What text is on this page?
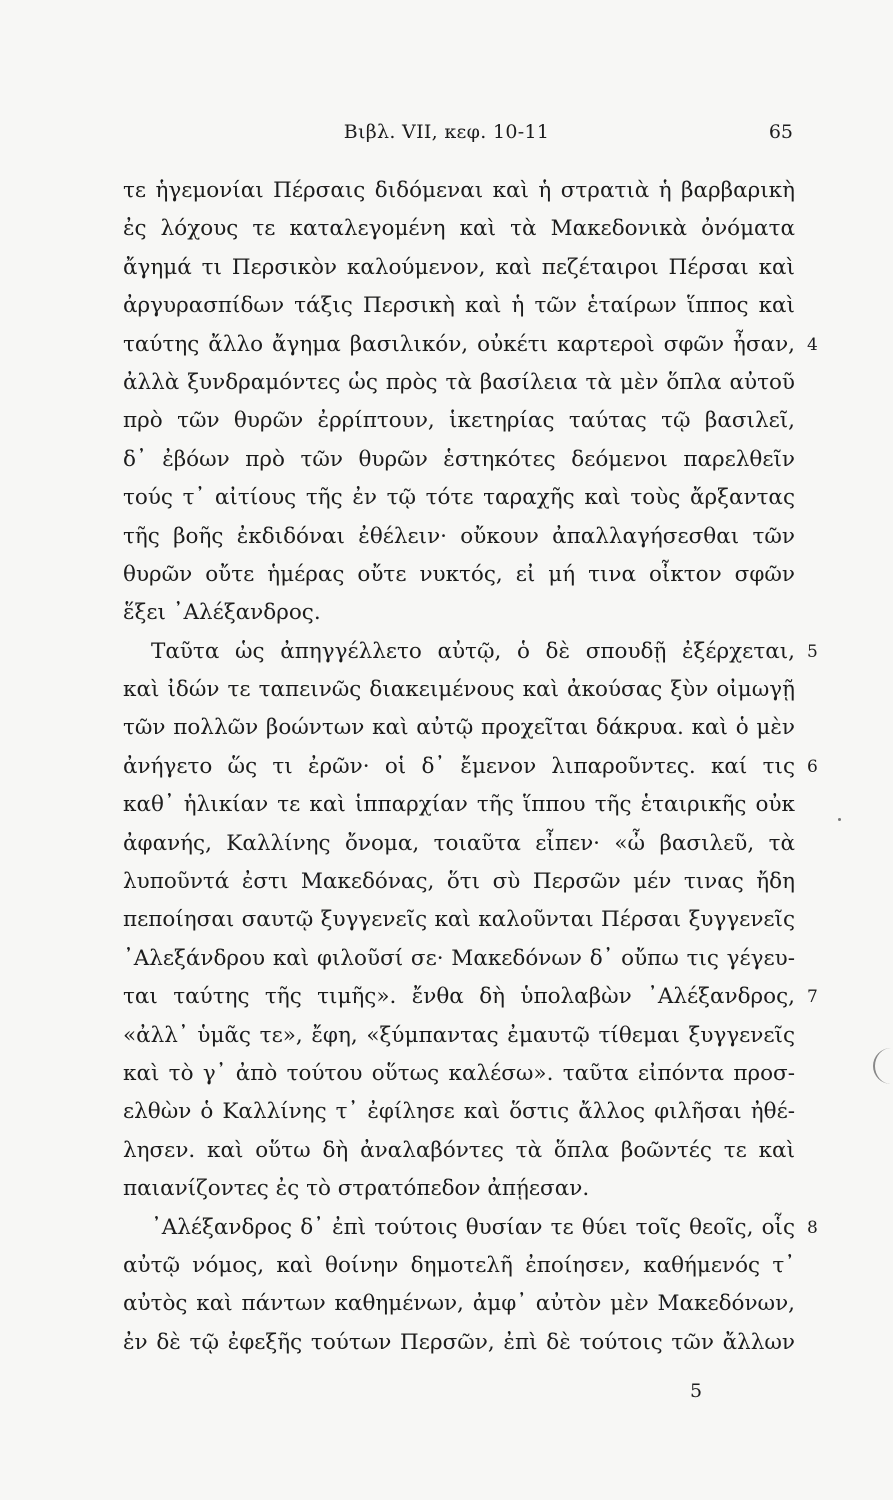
Βιβλ. VII, κεφ. 10-11	65
τε ἡγεμονίαι Πέρσαις διδόμεναι καὶ ἡ στρατιὰ ἡ βαρβαρικὴ
ἐς λόχους τε καταλεγομένη καὶ τὰ Μακεδονικὰ ὀνόματα
ἄγημά τι Περσικὸν καλούμενον, καὶ πεζέταιροι Πέρσαι καὶ
ἀργυρασπίδων τάξις Περσικὴ καὶ ἡ τῶν ἑταίρων ἵππος καὶ
ταύτης ἄλλο ἄγημα βασιλικόν, οὐκέτι καρτεροὶ σφῶν ἦσαν, 4
ἀλλὰ ξυνδραμόντες ὡς πρὸς τὰ βασίλεια τὰ μὲν ὅπλα αὐτοῦ
πρὸ τῶν θυρῶν ἐρρίπτουν, ἱκετηρίας ταύτας τῷ βασιλεῖ,
δ᾽ ἐβόων πρὸ τῶν θυρῶν ἑστηκότες δεόμενοι παρελθεῖν
τούς τ᾽ αἰτίους τῆς ἐν τῷ τότε ταραχῆς καὶ τοὺς ἄρξαντας
τῆς βοῆς ἐκδιδόναι ἐθέλειν· οὔκουν ἀπαλλαγήσεσθαι τῶν
θυρῶν οὔτε ἡμέρας οὔτε νυκτός, εἰ μή τινα οἶκτον σφῶν
ἕξει ᾿Αλέξανδρος.
Ταῦτα ὡς ἀπηγγέλλετο αὐτῷ, ὁ δὲ σπουδῇ ἐξέρχεται, 5
καὶ ἰδών τε ταπεινῶς διακειμένους καὶ ἀκούσας ξὺν οἰμωγῇ
τῶν πολλῶν βοώντων καὶ αὐτῷ προχεῖται δάκρυα. καὶ ὁ μὲν
ἀνήγετο ὥς τι ἐρῶν· οἱ δ᾽ ἔμενον λιπαροῦντες. καί τις 6
καθ᾽ ἡλικίαν τε καὶ ἱππαρχίαν τῆς ἵππου τῆς ἑταιρικῆς οὐκ
ἀφανής, Καλλίνης ὄνομα, τοιαῦτα εἶπεν· «ὦ βασιλεῦ, τὰ
λυποῦντά ἐστι Μακεδόνας, ὅτι σὺ Περσῶν μέν τινας ἤδη
πεποίησαι σαυτῷ ξυγγενεῖς καὶ καλοῦνται Πέρσαι ξυγγενεῖς
᾿Αλεξάνδρου καὶ φιλοῦσί σε· Μακεδόνων δ᾽ οὔπω τις γέγευ-
ται ταύτης τῆς τιμῆς». ἔνθα δὴ ὑπολαβὼν ᾿Αλέξανδρος, 7
«ἀλλ᾽ ὑμᾶς τε», ἔφη, «ξύμπαντας ἐμαυτῷ τίθεμαι ξυγγενεῖς
καὶ τὸ γ᾽ ἀπὸ τούτου οὕτως καλέσω». ταῦτα εἰπόντα προσ-
ελθὼν ὁ Καλλίνης τ᾽ ἐφίλησε καὶ ὅστις ἄλλος φιλῆσαι ἠθέ-
λησεν. καὶ οὕτω δὴ ἀναλαβόντες τὰ ὅπλα βοῶντές τε καὶ
παιανίζοντες ἐς τὸ στρατόπεδον ἀπῄεσαν.
᾿Αλέξανδρος δ᾽ ἐπὶ τούτοις θυσίαν τε θύει τοῖς θεοῖς, οἷς 8
αὐτῷ νόμος, καὶ θοίνην δημοτελῆ ἐποίησεν, καθήμενός τ᾽
αὐτὸς καὶ πάντων καθημένων, ἀμφ᾽ αὐτὸν μὲν Μακεδόνων,
ἐν δὲ τῷ ἐφεξῆς τούτων Περσῶν, ἐπὶ δὲ τούτοις τῶν ἄλλων
5
